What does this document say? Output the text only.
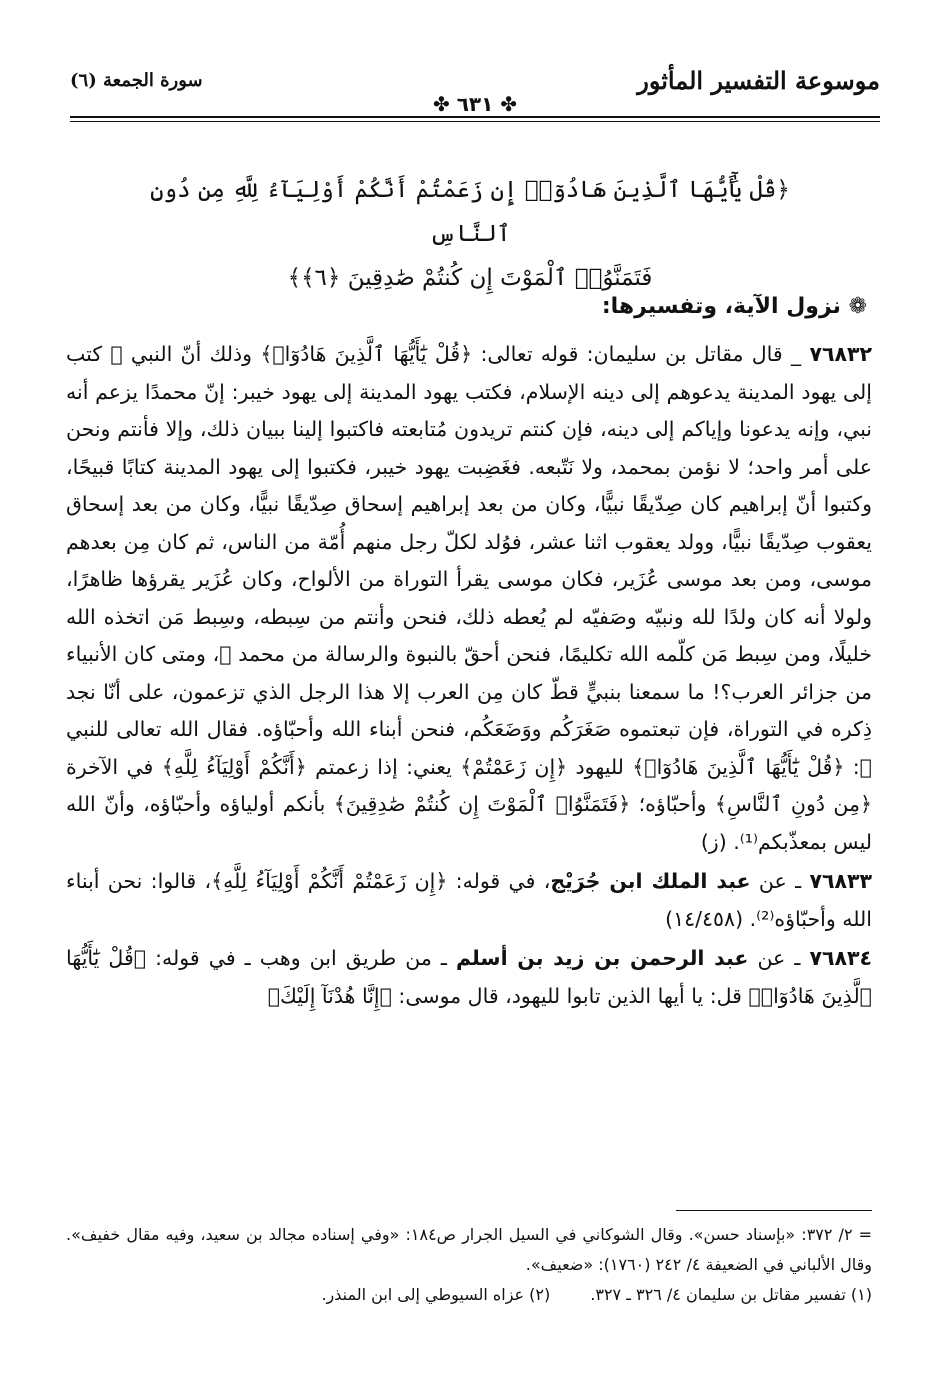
موسوعة التفسير المأثور
✤ ٦٣١ ✤
سورة الجمعة (٦)
﴿قُلْ يَٰٓأَيُّهَا ٱلَّذِينَ هَادُوٓا۟ إِن زَعَمْتُمْ أَنَّكُمْ أَوْلِيَآءُ لِلَّهِ مِن دُونِ ٱلنَّاسِ
فَتَمَنَّوُا۟ ٱلْمَوْتَ إِن كُنتُمْ صَٰدِقِينَ ﴿٦﴾﴾
❁ نزول الآية، وتفسيرها:

٧٦٨٣٢ _ قال مقاتل بن سليمان: قوله تعالى: ﴿قُلْ يَٰٓأَيُّهَا ٱلَّذِينَ هَادُوٓا۟﴾ وذلك أنّ النبي ﷺ كتب إلى يهود المدينة يدعوهم إلى دينه الإسلام، فكتب يهود المدينة إلى يهود خيبر: إنّ محمدًا يزعم أنه نبي، وإنه يدعونا وإياكم إلى دينه، فإن كنتم تريدون مُتابعته فاكتبوا إلينا ببيان ذلك، وإلا فأنتم ونحن على أمر واحد؛ لا نؤمن بمحمد، ولا نَتّبعه. فغَضِبت يهود خيبر، فكتبوا إلى يهود المدينة كتابًا قبيحًا، وكتبوا أنّ إبراهيم كان صِدّيقًا نبيًّا، وكان من بعد إبراهيم إسحاق صِدّيقًا نبيًّا، وكان من بعد إسحاق يعقوب صِدّيقًا نبيًّا، وولد يعقوب اثنا عشر، فوُلد لكلّ رجل منهم أُمّة من الناس، ثم كان مِن بعدهم موسى، ومن بعد موسى عُزَير، فكان موسى يقرأ التوراة من الألواح، وكان عُزَير يقرؤها ظاهرًا، ولولا أنه كان ولدًا لله ونبيّه وصَفيّه لم يُعطه ذلك، فنحن وأنتم من سِبطه، وسِبط مَن اتخذه الله خليلًا، ومن سِبط مَن كلّمه الله تكليمًا، فنحن أحقّ بالنبوة والرسالة من محمد ﷺ، ومتى كان الأنبياء من جزائر العرب؟! ما سمعنا بنبيٍّ قطّ كان مِن العرب إلا هذا الرجل الذي تزعمون، على أنّا نجد ذِكره في التوراة، فإن تبعتموه صَغَرَكُم ووَضَعَكُم، فنحن أبناء الله وأحبّاؤه. فقال الله تعالى للنبي ﷺ: ﴿قُلْ يَٰٓأَيُّهَا ٱلَّذِينَ هَادُوٓا۟﴾ لليهود ﴿إِن زَعَمْتُمْ﴾ يعني: إذا زعمتم ﴿أَنَّكُمْ أَوْلِيَآءُ لِلَّهِ﴾ في الآخرة ﴿مِن دُونِ ٱلنَّاسِ﴾ وأحبّاؤه؛ ﴿فَتَمَنَّوُا۟ ٱلْمَوْتَ إِن كُنتُمْ صَٰدِقِينَ﴾ بأنكم أولياؤه وأحبّاؤه، وأنّ الله ليس بمعذّبكم⁽¹⁾. (ز)

٧٦٨٣٣ ـ عن عبد الملك ابن جُرَيْج، في قوله: ﴿إِن زَعَمْتُمْ أَنَّكُمْ أَوْلِيَآءُ لِلَّهِ﴾، قالوا: نحن أبناء الله وأحبّاؤه⁽²⁾. (١٤/٤٥٨)

٧٦٨٣٤ ـ عن عبد الرحمن بن زيد بن أسلم ـ من طريق ابن وهب ـ في قوله: ﴿قُلْ يَٰٓأَيُّهَا ٱلَّذِينَ هَادُوٓا۟﴾ قل: يا أيها الذين تابوا لليهود، قال موسى: ﴿إِنَّا هُدْنَآ إِلَيْكَ﴾

= ٢/ ٣٧٢: «بإسناد حسن». وقال الشوكاني في السيل الجرار ص١٨٤: «وفي إسناده مجالد بن سعيد، وفيه مقال خفيف». وقال الألباني في الضعيفة ٤/ ٢٤٢ (١٧٦٠): «ضعيف».

(١) تفسير مقاتل بن سليمان ٤/ ٣٢٦ ـ ٣٢٧.
(٢) عزاه السيوطي إلى ابن المنذر.
